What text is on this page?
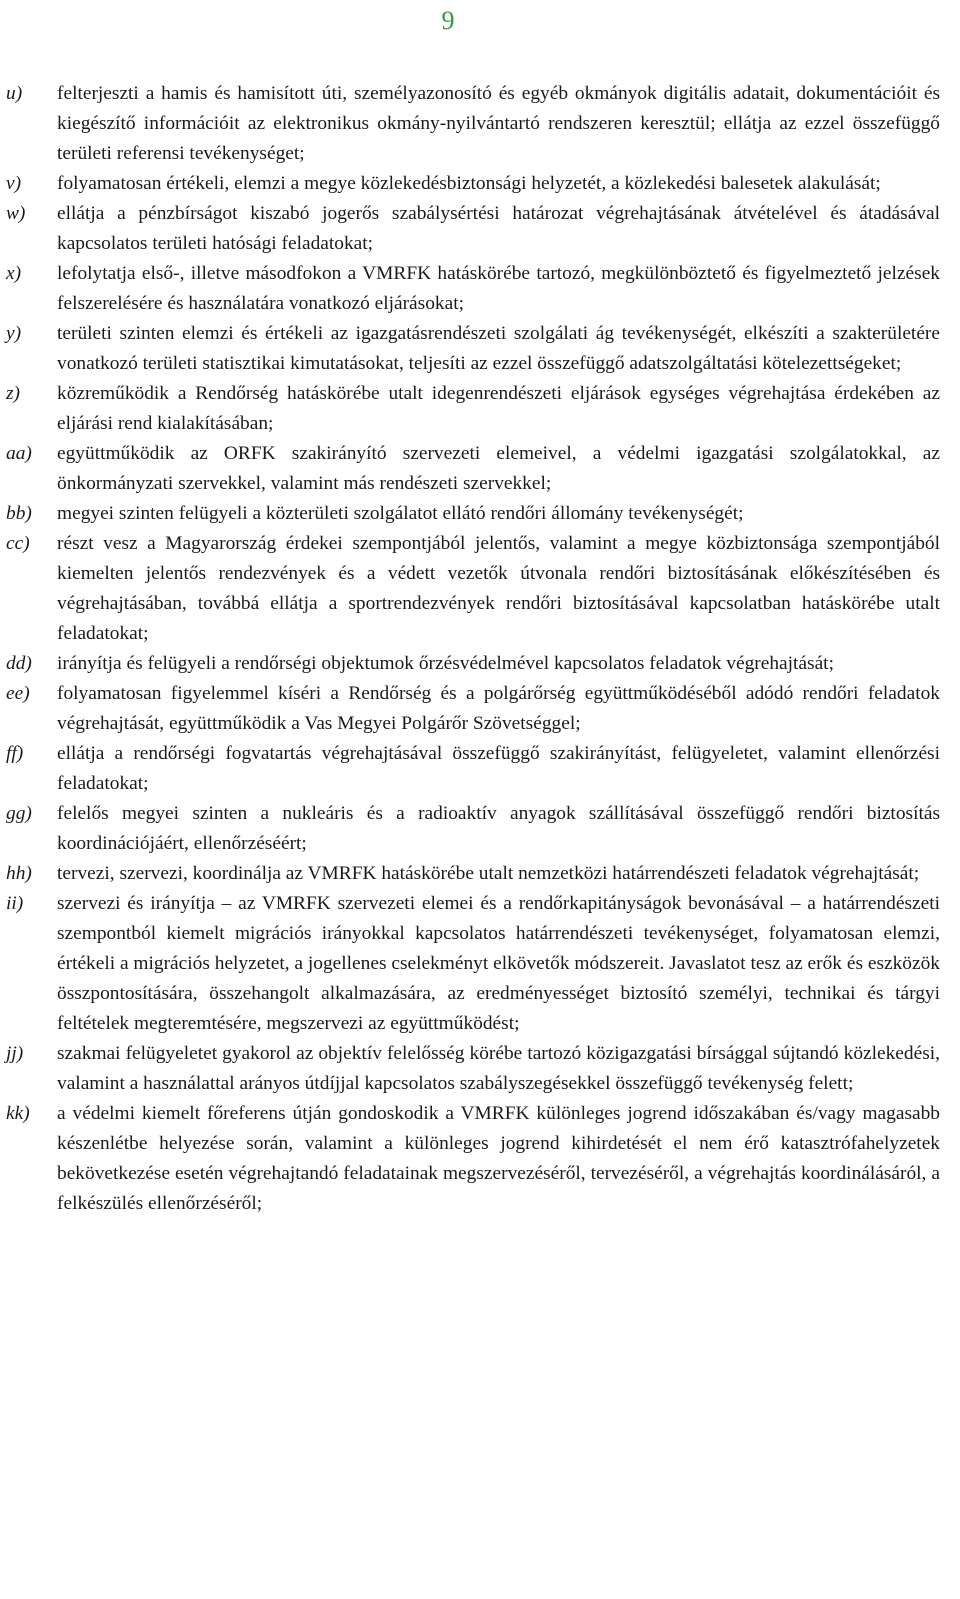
9
u)	felterjeszti a hamis és hamisított úti, személyazonosító és egyéb okmányok digitális adatait, dokumentációit és kiegészítő információit az elektronikus okmány-nyilvántartó rendszeren keresztül; ellátja az ezzel összefüggő területi referensi tevékenységet;
v)	folyamatosan értékeli, elemzi a megye közlekedésbiztonsági helyzetét, a közlekedési balesetek alakulását;
w)	ellátja a pénzbírságot kiszabó jogerős szabálysértési határozat végrehajtásának átvételével és átadásával kapcsolatos területi hatósági feladatokat;
x)	lefolytatja első-, illetve másodfokon a VMRFK hatáskörébe tartozó, megkülönböztető és figyelmeztető jelzések felszerelésére és használatára vonatkozó eljárásokat;
y)	területi szinten elemzi és értékeli az igazgatásrendészeti szolgálati ág tevékenységét, elkészíti a szakterületére vonatkozó területi statisztikai kimutatásokat, teljesíti az ezzel összefüggő adatszolgáltatási kötelezettségeket;
z)	közreműködik a Rendőrség hatáskörébe utalt idegenrendészeti eljárások egységes végrehajtása érdekében az eljárási rend kialakításában;
aa)	együttműködik az ORFK szakirányító szervezeti elemeivel, a védelmi igazgatási szolgálatokkal, az önkormányzati szervekkel, valamint más rendészeti szervekkel;
bb)	megyei szinten felügyeli a közterületi szolgálatot ellátó rendőri állomány tevékenységét;
cc)	részt vesz a Magyarország érdekei szempontjából jelentős, valamint a megye közbiztonsága szempontjából kiemelten jelentős rendezvények és a védett vezetők útvonala rendőri biztosításának előkészítésében és végrehajtásában, továbbá ellátja a sportrendezvények rendőri biztosításával kapcsolatban hatáskörébe utalt feladatokat;
dd)	irányítja és felügyeli a rendőrségi objektumok őrzésvédelmével kapcsolatos feladatok végrehajtását;
ee)	folyamatosan figyelemmel kíséri a Rendőrség és a polgárőrség együttműködéséből adódó rendőri feladatok végrehajtását, együttműködik a Vas Megyei Polgárőr Szövetséggel;
ff)	ellátja a rendőrségi fogvatartás végrehajtásával összefüggő szakirányítást, felügyeletet, valamint ellenőrzési feladatokat;
gg)	felelős megyei szinten a nukleáris és a radioaktív anyagok szállításával összefüggő rendőri biztosítás koordinációjáért, ellenőrzéséért;
hh)	tervezi, szervezi, koordinálja az VMRFK hatáskörébe utalt nemzetközi határrendészeti feladatok végrehajtását;
ii)	szervezi és irányítja – az VMRFK szervezeti elemei és a rendőrkapitányságok bevonásával – a határrendészeti szempontból kiemelt migrációs irányokkal kapcsolatos határrendészeti tevékenységet, folyamatosan elemzi, értékeli a migrációs helyzetet, a jogellenes cselekményt elkövetők módszereit. Javaslatot tesz az erők és eszközök összpontosítására, összehangolt alkalmazására, az eredményességet biztosító személyi, technikai és tárgyi feltételek megteremtésére, megszervezi az együttműködést;
jj)	szakmai felügyeletet gyakorol az objektív felelősség körébe tartozó közigazgatási bírsággal sújtandó közlekedési, valamint a használattal arányos útdíjjal kapcsolatos szabályszegésekkel összefüggő tevékenység felett;
kk)	a védelmi kiemelt főreferens útján gondoskodik a VMRFK különleges jogrend időszakában és/vagy magasabb készenlétbe helyezése során, valamint a különleges jogrend kihirdetését el nem érő katasztrófahelyzetek bekövetkezése esetén végrehajtandó feladatainak megszervezéséről, tervezéséről, a végrehajtás koordinálásáról, a felkészülés ellenőrzéséről;
